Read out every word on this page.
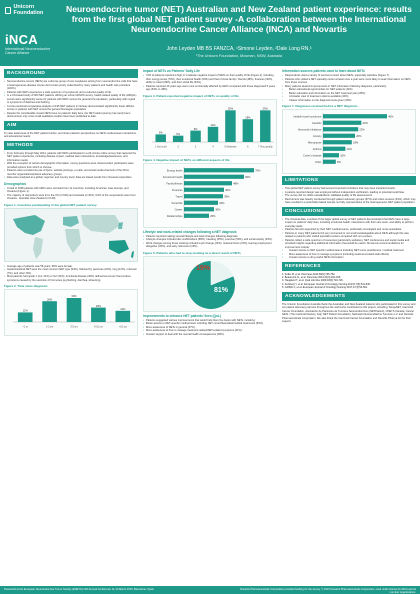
Unicorn Foundation
iNCA
International Neuroendocrine Cancer Alliance
Neuroendocrine tumor (NET) Australian and New Zealand patient experience: results from the first global NET patient survey -A collaboration between the International Neuroendocrine Cancer Alliance (INCA) and Novartis
John Leyden MB BS FANZCA, ¹Simone Leyden, ²Dale Long RN,³
¹The Unicorn Foundation, Mosman, NSW, Australia
BACKGROUND
• Neuroendocrine tumors (NETs) are a diverse group of rare neoplasms arising from neuroendocrine cells that have a heterogeneous disease course and remain poorly understood by many patients and health care providers (HCPs).
• Patients with NETs experience a wide spectrum of symptoms1 and a reduced quality of life.
• In a US-based study of 663 NET patients utilizing an online NANOS survey, health-related quality of life (HRQoL) scores were significantly worse for patients with NETs versus the general US population, particularly with regard to symptoms of diarrhea and flushing.
• A cross-sectional comparative analysis of 196 NET patients in Norway demonstrated significantly lower HRQoL scores in patients with NET versus the general Norwegian population.
• Despite the considerable impact NETs have on patients' daily lives, the NET patient journey has rarely been documented; only a few small qualitative studies have been published to date.
AIM
To raise awareness of the NET patient burden, and share patients' perspectives on NETs medical team interactions, and educational needs.
METHODS
• From February through May 2014, patients with NETs participated in a 20-minute online survey that captured the NET patient experience, including disease impact, medical team interactions, knowledge/awareness, and information needs.
• With the exception of certain demographic information, survey questions were closed-ended; participants were provided options from which to choose.
• Patients were recruited via use of flyers, website postings, e-mails, and social media channels of the INCA member organizations/patient advocacy groups.
• Data were analyzed at a global, regional, and country level; data are based results from Oceania responders.
Demographics
• A total of 1928 patients with NETs were recruited from 12 countries, including Americas, Asia, Europe, and Oceania (Figure 1).
• The majority of responders were from the US (n=919) and Australia (n=301); 9.5% of the respondents were from Oceania - Australia, New Zealand (n=139).
Figure 1. Countries participating in the global NET patient survey
• Average age of patients was 58 years; 56% were female.
• Gastrointestinal NET were the most common NET type (54%), followed by pancreas (22%), lung (12%), unknown (7%), and other (5%).
• Most patients had grade 1 (G1; 41%) or G2 (31%); functional disease (40%) defined as tumors that produce symptoms caused by the secretion of hormones (eg flushing, diarrhea, wheezing).
Figure 2. Time since diagnosis
12%
<1 yr
26%
1-2 yrs
30%
3-5 yrs
18%
6-10 yrs
14%
>10 yrs
Impact of NETs on Patients' Daily Life
• 72% of patients reported a high or moderate negative impact of NETs on their quality of life (Figure 3), including their energy levels (70%), their emotional health (60%) and that of close family / friends (48%), finances (40%), ability to travel (39%), and their social life (34%).
• Patients reported 10 years ago were more emotionally affected by NETs compared with those diagnosed 5 years ago (63% vs 48%).
Figure 3. Patient-reported negative impact of NETs on quality of life
6%
1 Not at all
5%
2
9%
3
12%
4
25%
5 Moderate
18%
6
25%
7 Very greatly
Figure 4. Negative impact of NETs on different aspects of life
Energy levels	70%
Emotional health	60%
Family/friends	48%
Finances	40%
Travel	39%
Social life	34%
Career	30%
Relationships	25%
Lifestyle and work-related changes following a NET diagnosis
• Patients reported making several lifestyle and work changes following diagnosis.
• Lifestyle changes included diet modifications (68%), traveling (65%), exercise (50%), and social activity (33%).
• Work changes among those working included a job change (23%), reduced hours (31%), leaving employment altogether (26%), and early retirement (15%).
Figure 5. Patients who had to stop working as a direct result of NETs
19%
81%
Improvements to enhance NET patients' lives (QoL)
• Patients suggested various improvements that would help them live better with NETs, including:
• Better access to NET-specific medical team including NET center/Specialist/medical treatments (53%).
• More awareness of NETs in general (47%).
• More awareness of how to manage treatment-related/NET-related symptoms (41%).
• Greater support to deal with the mental health consequences (28%).
Information sources patients used to learn about NETs
• Respondents used a variety of sources to learn about NETs, especially websites (Figure 7).
• Patients who visited a NET specialty center at least once a year were more likely to seek information on NETs from those sources.
• Many patients desired improvements in NET information following diagnosis, particularly:
• Better educational opportunities for NET patients (42%)
• Better education and information on the NET treatment plan (35%)
• A broader view of treatment options available (44%)
• Clearer information on the diagnosis tests given (33%)
Figure 7. Diagnoses received before a NET diagnosis
Irritable bowel syndrome	40%
Gastritis	24%
Hormonal imbalance	22%
Anxiety	20%
Menopause	18%
Asthma	14%
Crohn's disease	10%
Other	8%
LIMITATIONS
• This global NET patient survey had several important limitations that may have impacted results.
• A patient-reported design was employed without independent verification, leading to potential recall bias.
• The survey did not utilize standardized, validated quality of life assessments.
• Recruitment was heavily conducted through patient advocacy groups (67%) and online sources (61%), which may have resulted in a potentially biased sample not fully representative of the heterogeneous NET patient population.
CONCLUSIONS
• The Oceania data, a subset of the larger global survey of NET patients demonstrated that NETs have a large impact on patients' daily lives, including emotional health, interactions with their care team, and ability to perform everyday tasks.
• Patients felt well supported by their NET medical teams, particularly oncologists and nurse specialists.
• Patients in many NET patients felt very connected or not at all knowledgeable about NETs although this was related to patients who visited specialist centers compared with non-centers.
• Patients reflect a wide spectrum of resources (particularly websites), NET conferences and social media and provided insights regarding additional information that would be useful. Numerous recommendations for improvement include:
• Greater access to NET specific medical teams including NET tumor practitioners / medical treatment
• More awareness of how to manage symptoms (including treatment-related side effects)
• Greater access to drug useful NETs information
REFERENCES
1. Kulke M, et al. Pancreas 2010;39(6):735-752.
2. Beaumont JL, et al. Pancreas 2012;41(3):461-466.
3. Haugland T, et al. Qual Life Res 2009;18(6):719-726.
4. Feinberg Y, et al. European Journal of Oncology Nursing 2013;17(5):541-545.
5. Griffiths J, et al. European Journal of Oncology Nursing 2017;17(3):54-561.
ACKNOWLEDGEMENTS
The Unicorn Foundation Australia thank the Australian and New Zealand patients who participated in this survey and our patient advocacy partners throughout the world who contributed to this project, including: NorgeNET, Carcinoid Cancer Foundation, Asociación de Pacientes de Tumores Neuroendocrinos (NETPatient), CNETS Canada, Cancer NETs / The Carcinoid Society, Italy, NET Patient Foundation, Netzwerk Neuroendokrine Tumoren e.V. and Novartis Pharmaceuticals Corporation. We also thank the Carcinoid Cancer Foundation and Novartis Pharma AG for their support.
Presented at the European Neuroendocrine Tumor Society (ENETS) 13th Annual Conference 11-13 March 2015, Barcelona, Spain	Novartis Pharmaceuticals Corporation provided funding for the survey. © 2015 Novartis Pharmaceuticals Corporation, used under license by INCA and its member organizations.
